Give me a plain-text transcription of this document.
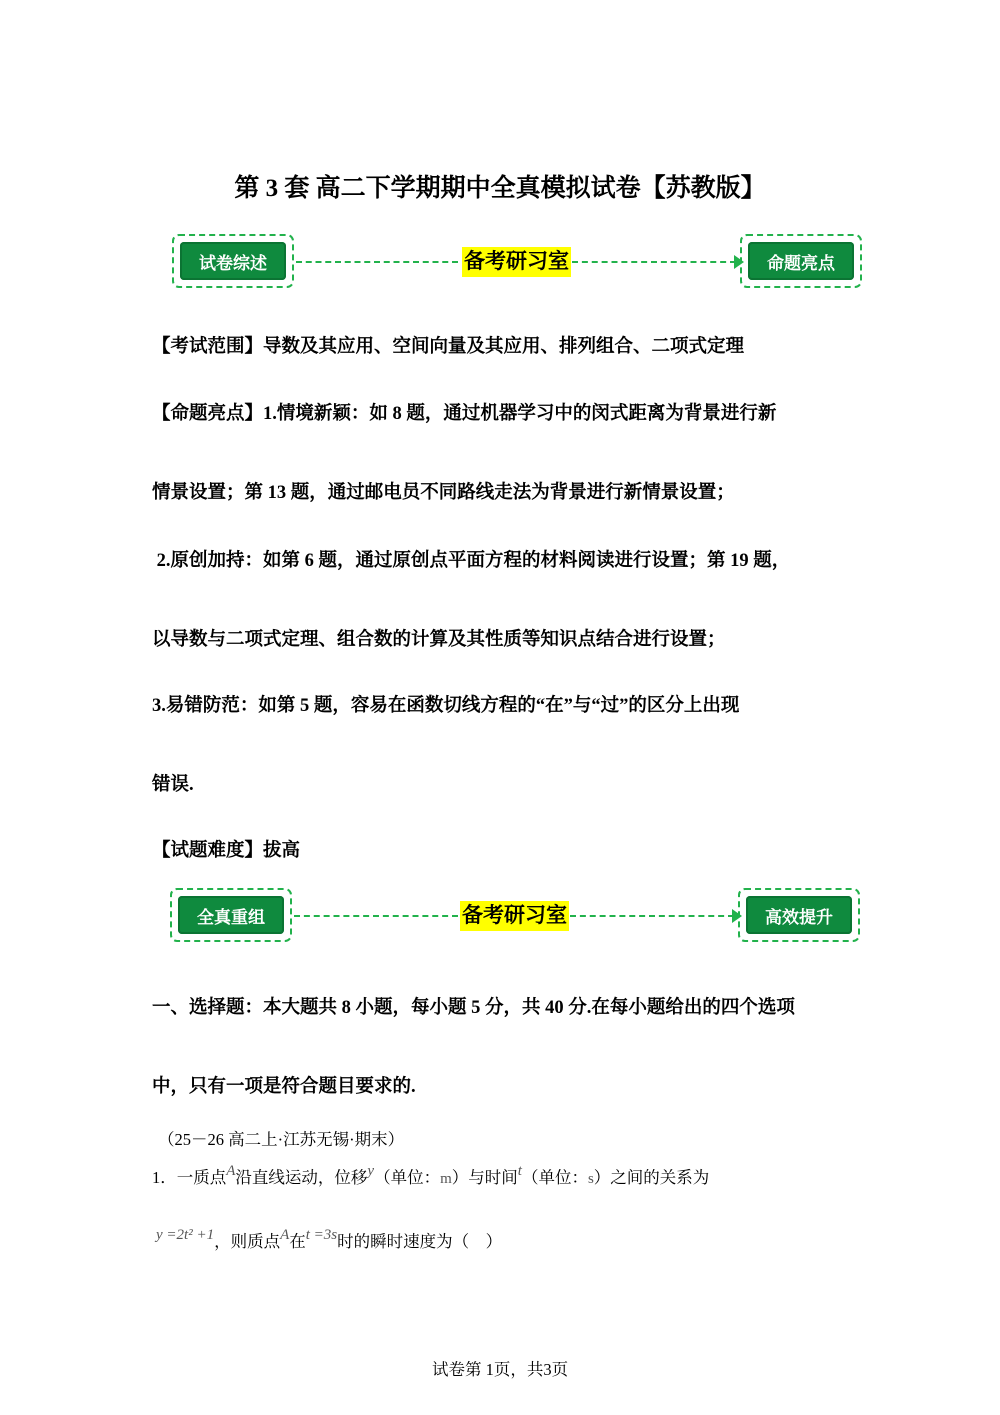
第 3 套 高二下学期期中全真模拟试卷【苏教版】
试卷综述	备考研习室	命题亮点
【考试范围】导数及其应用、空间向量及其应用、排列组合、二项式定理
【命题亮点】1.情境新颖：如 8 题，通过机器学习中的闵式距离为背景进行新
情景设置；第 13 题，通过邮电员不同路线走法为背景进行新情景设置；
2.原创加持：如第 6 题，通过原创点平面方程的材料阅读进行设置；第 19 题，
以导数与二项式定理、组合数的计算及其性质等知识点结合进行设置；
3.易错防范：如第 5 题，容易在函数切线方程的“在”与“过”的区分上出现
错误.
【试题难度】拔高
全真重组	备考研习室	高效提升
一、选择题：本大题共 8 小题，每小题 5 分，共 40 分.在每小题给出的四个选项
中，只有一项是符合题目要求的.
（25－26 高二上·江苏无锡·期末）
1．一质点A沿直线运动，位移y（单位：m）与时间t（单位：s）之间的关系为
y =2t² +1，则质点A在t =3s时的瞬时速度为（　）
试卷第 1页，共3页
